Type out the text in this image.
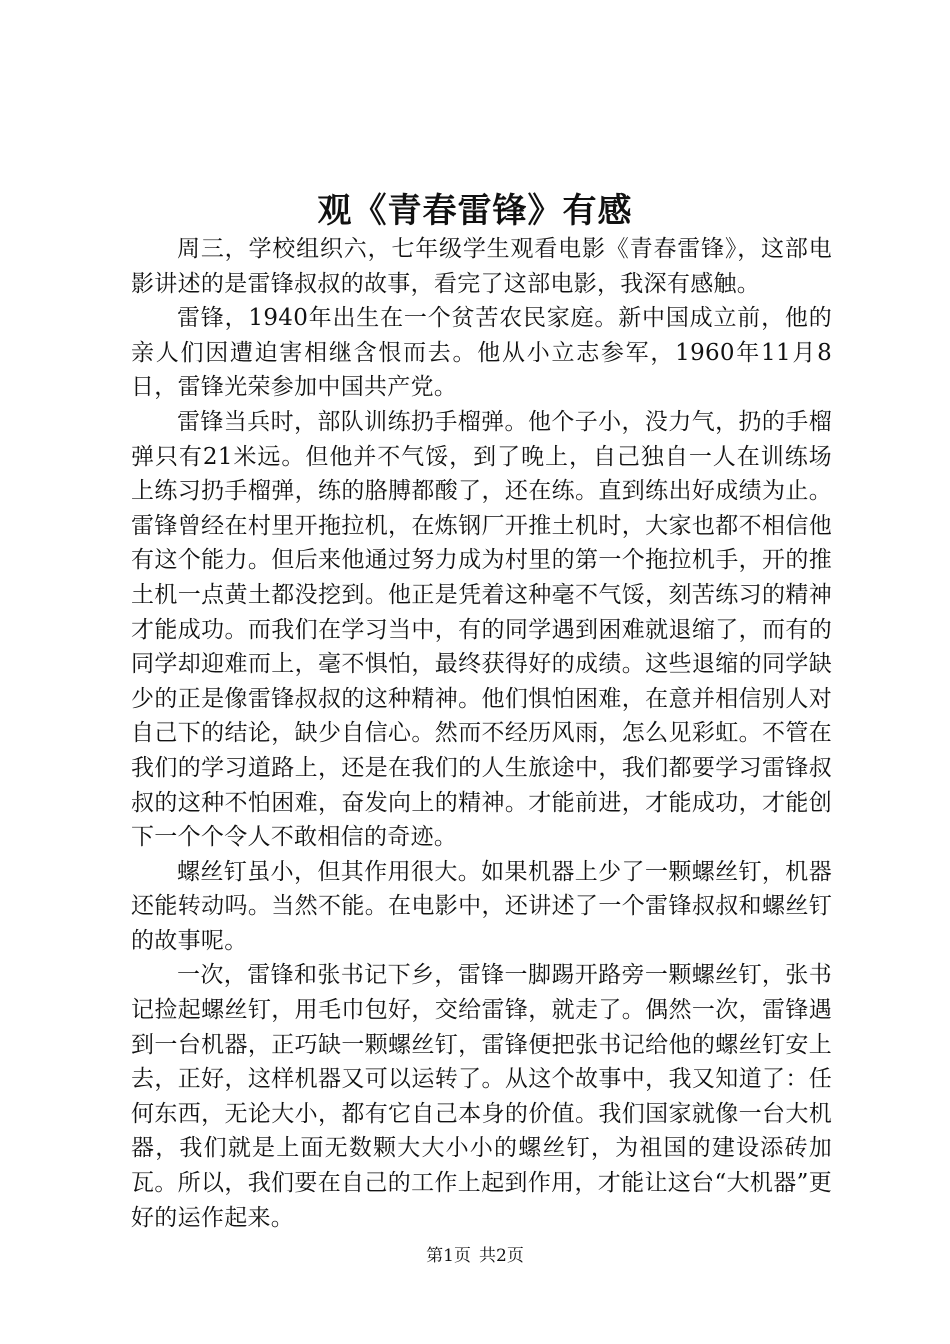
观《青春雷锋》有感

周三，学校组织六，七年级学生观看电影《青春雷锋》，这部电影讲述的是雷锋叔叔的故事，看完了这部电影，我深有感触。

雷锋，1940年出生在一个贫苦农民家庭。新中国成立前，他的亲人们因遭迫害相继含恨而去。他从小立志参军，1960年11月8日，雷锋光荣参加中国共产党。

雷锋当兵时，部队训练扔手榴弹。他个子小，没力气，扔的手榴弹只有21米远。但他并不气馁，到了晚上，自己独自一人在训练场上练习扔手榴弹，练的胳膊都酸了，还在练。直到练出好成绩为止。雷锋曾经在村里开拖拉机，在炼钢厂开推土机时，大家也都不相信他有这个能力。但后来他通过努力成为村里的第一个拖拉机手，开的推土机一点黄土都没挖到。他正是凭着这种毫不气馁，刻苦练习的精神才能成功。而我们在学习当中，有的同学遇到困难就退缩了，而有的同学却迎难而上，毫不惧怕，最终获得好的成绩。这些退缩的同学缺少的正是像雷锋叔叔的这种精神。他们惧怕困难，在意并相信别人对自己下的结论，缺少自信心。然而不经历风雨，怎么见彩虹。不管在我们的学习道路上，还是在我们的人生旅途中，我们都要学习雷锋叔叔的这种不怕困难，奋发向上的精神。才能前进，才能成功，才能创下一个个令人不敢相信的奇迹。

螺丝钉虽小，但其作用很大。如果机器上少了一颗螺丝钉，机器还能转动吗。当然不能。在电影中，还讲述了一个雷锋叔叔和螺丝钉的故事呢。

一次，雷锋和张书记下乡，雷锋一脚踢开路旁一颗螺丝钉，张书记捡起螺丝钉，用毛巾包好，交给雷锋，就走了。偶然一次，雷锋遇到一台机器，正巧缺一颗螺丝钉，雷锋便把张书记给他的螺丝钉安上去，正好，这样机器又可以运转了。从这个故事中，我又知道了：任何东西，无论大小，都有它自己本身的价值。我们国家就像一台大机器，我们就是上面无数颗大大小小的螺丝钉，为祖国的建设添砖加瓦。所以，我们要在自己的工作上起到作用，才能让这台“大机器”更好的运作起来。

第1页 共2页
